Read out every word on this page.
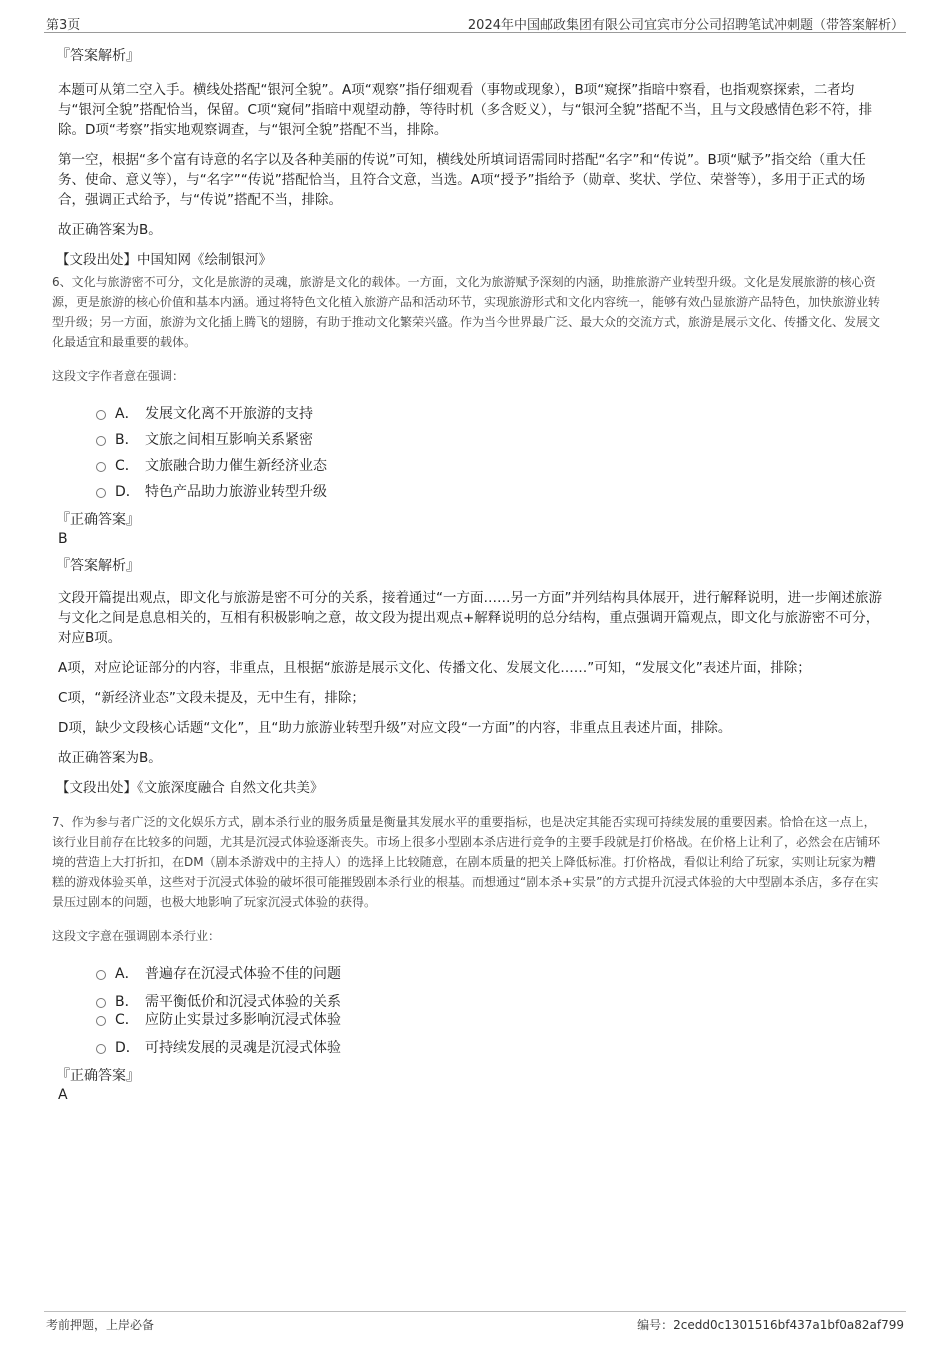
第3页	2024年中国邮政集团有限公司宜宾市分公司招聘笔试冲刺题（带答案解析）
『答案解析』

本题可从第二空入手。横线处搭配“银河全貌”。A项“观察”指仔细观看（事物或现象），B项“窥探”指暗中察看，也指观察探索，二者均与“银河全貌”搭配恰当，保留。C项“窥伺”指暗中观望动静，等待时机（多含贬义），与“银河全貌”搭配不当，且与文段感情色彩不符，排除。D项“考察”指实地观察调查，与“银河全貌”搭配不当，排除。

第一空，根据“多个富有诗意的名字以及各种美丽的传说”可知，横线处所填词语需同时搭配“名字”和“传说”。B项“赋予”指交给（重大任务、使命、意义等），与“名字”“传说”搭配恰当，且符合文意，当选。A项“授予”指给予（勋章、奖状、学位、荣誉等），多用于正式的场合，强调正式给予，与“传说”搭配不当，排除。

故正确答案为B。

【文段出处】中国知网《绘制银河》

6、文化与旅游密不可分，文化是旅游的灵魂，旅游是文化的载体。一方面，文化为旅游赋予深刻的内涵，助推旅游产业转型升级。文化是发展旅游的核心资源，更是旅游的核心价值和基本内涵。通过将特色文化植入旅游产品和活动环节，实现旅游形式和文化内容统一，能够有效凸显旅游产品特色，加快旅游业转型升级；另一方面，旅游为文化插上腾飞的翅膀，有助于推动文化繁荣兴盛。作为当今世界最广泛、最大众的交流方式，旅游是展示文化、传播文化、发展文化最适宜和最重要的载体。

这段文字作者意在强调：

A． 发展文化离不开旅游的支持
B． 文旅之间相互影响关系紧密
C． 文旅融合助力催生新经济业态
D． 特色产品助力旅游业转型升级
『正确答案』
B
『答案解析』

文段开篇提出观点，即文化与旅游是密不可分的关系，接着通过“一方面……另一方面”并列结构具体展开，进行解释说明，进一步阐述旅游与文化之间是息息相关的，互相有积极影响之意，故文段为提出观点+解释说明的总分结构，重点强调开篇观点，即文化与旅游密不可分，对应B项。

A项，对应论证部分的内容，非重点，且根据“旅游是展示文化、传播文化、发展文化……”可知，“发展文化”表述片面，排除；

C项，“新经济业态”文段未提及，无中生有，排除；

D项，缺少文段核心话题“文化”，且“助力旅游业转型升级”对应文段“一方面”的内容，非重点且表述片面，排除。

故正确答案为B。

【文段出处】《文旅深度融合 自然文化共美》

7、作为参与者广泛的文化娱乐方式，剧本杀行业的服务质量是衡量其发展水平的重要指标，也是决定其能否实现可持续发展的重要因素。恰恰在这一点上，该行业目前存在比较多的问题，尤其是沉浸式体验逐渐丧失。市场上很多小型剧本杀店进行竞争的主要手段就是打价格战。在价格上让利了，必然会在店铺环境的营造上大打折扣，在DM（剧本杀游戏中的主持人）的选择上比较随意，在剧本质量的把关上降低标准。打价格战，看似让利给了玩家，实则让玩家为糟糕的游戏体验买单，这些对于沉浸式体验的破坏很可能摧毁剧本杀行业的根基。而想通过“剧本杀+实景”的方式提升沉浸式体验的大中型剧本杀店，多存在实景压过剧本的问题，也极大地影响了玩家沉浸式体验的获得。

这段文字意在强调剧本杀行业：

A． 普遍存在沉浸式体验不佳的问题
B． 需平衡低价和沉浸式体验的关系
C． 应防止实景过多影响沉浸式体验
D． 可持续发展的灵魂是沉浸式体验
『正确答案』
A
考前押题，上岸必备	编号：2cedd0c1301516bf437a1bf0a82af799
